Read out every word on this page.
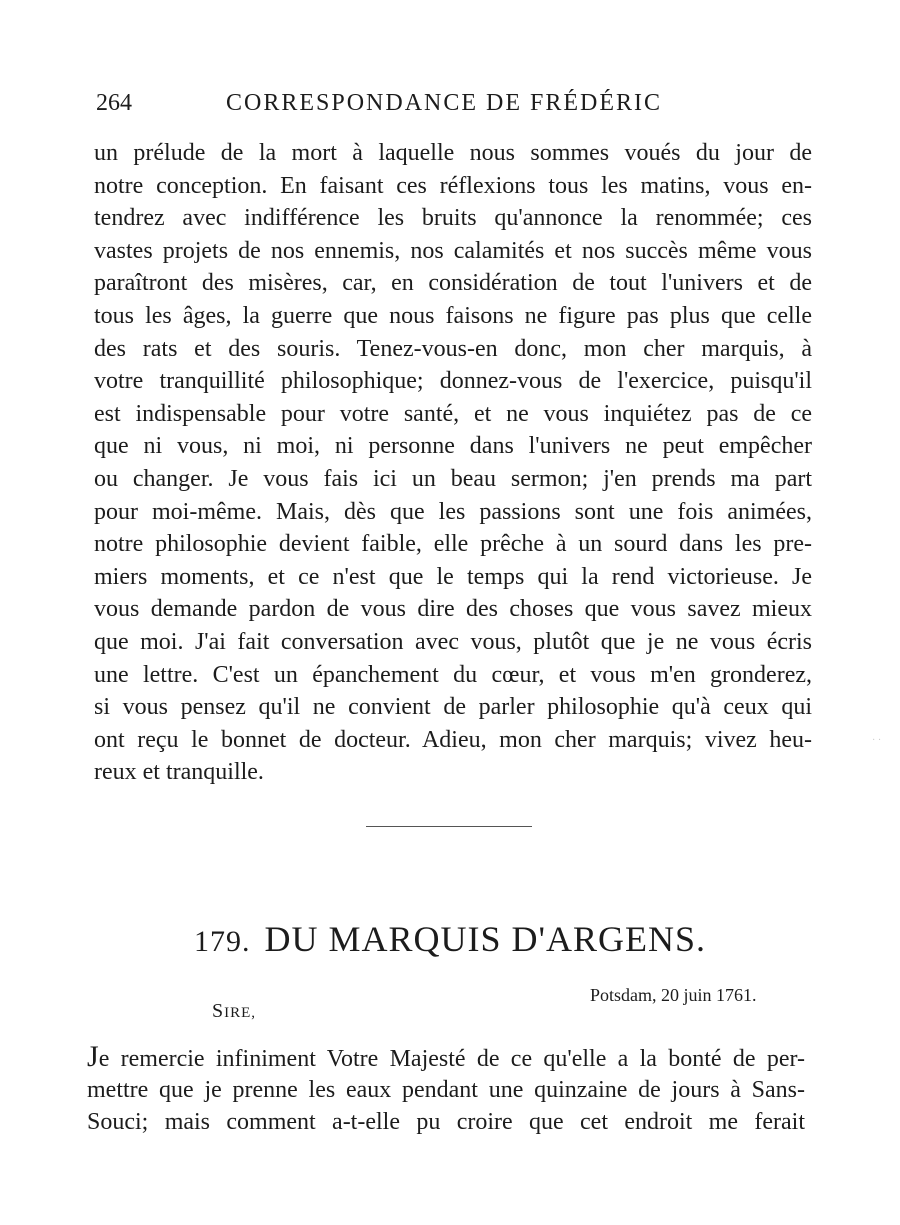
264	CORRESPONDANCE DE FRÉDÉRIC
un prélude de la mort à laquelle nous sommes voués du jour de
notre conception. En faisant ces réflexions tous les matins, vous en-
tendrez avec indifférence les bruits qu'annonce la renommée; ces
vastes projets de nos ennemis, nos calamités et nos succès même vous
paraîtront des misères, car, en considération de tout l'univers et de
tous les âges, la guerre que nous faisons ne figure pas plus que celle
des rats et des souris. Tenez-vous-en donc, mon cher marquis, à
votre tranquillité philosophique; donnez-vous de l'exercice, puisqu'il
est indispensable pour votre santé, et ne vous inquiétez pas de ce
que ni vous, ni moi, ni personne dans l'univers ne peut empêcher
ou changer. Je vous fais ici un beau sermon; j'en prends ma part
pour moi-même. Mais, dès que les passions sont une fois animées,
notre philosophie devient faible, elle prêche à un sourd dans les pre-
miers moments, et ce n'est que le temps qui la rend victorieuse. Je
vous demande pardon de vous dire des choses que vous savez mieux
que moi. J'ai fait conversation avec vous, plutôt que je ne vous écris
une lettre. C'est un épanchement du cœur, et vous m'en gronderez,
si vous pensez qu'il ne convient de parler philosophie qu'à ceux qui
ont reçu le bonnet de docteur. Adieu, mon cher marquis; vivez heu-
reux et tranquille.
179. DU MARQUIS D'ARGENS.
Potsdam, 20 juin 1761.
SIRE,
Je remercie infiniment Votre Majesté de ce qu'elle a la bonté de per-
mettre que je prenne les eaux pendant une quinzaine de jours à Sans-
Souci; mais comment a-t-elle pu croire que cet endroit me ferait
· ·
